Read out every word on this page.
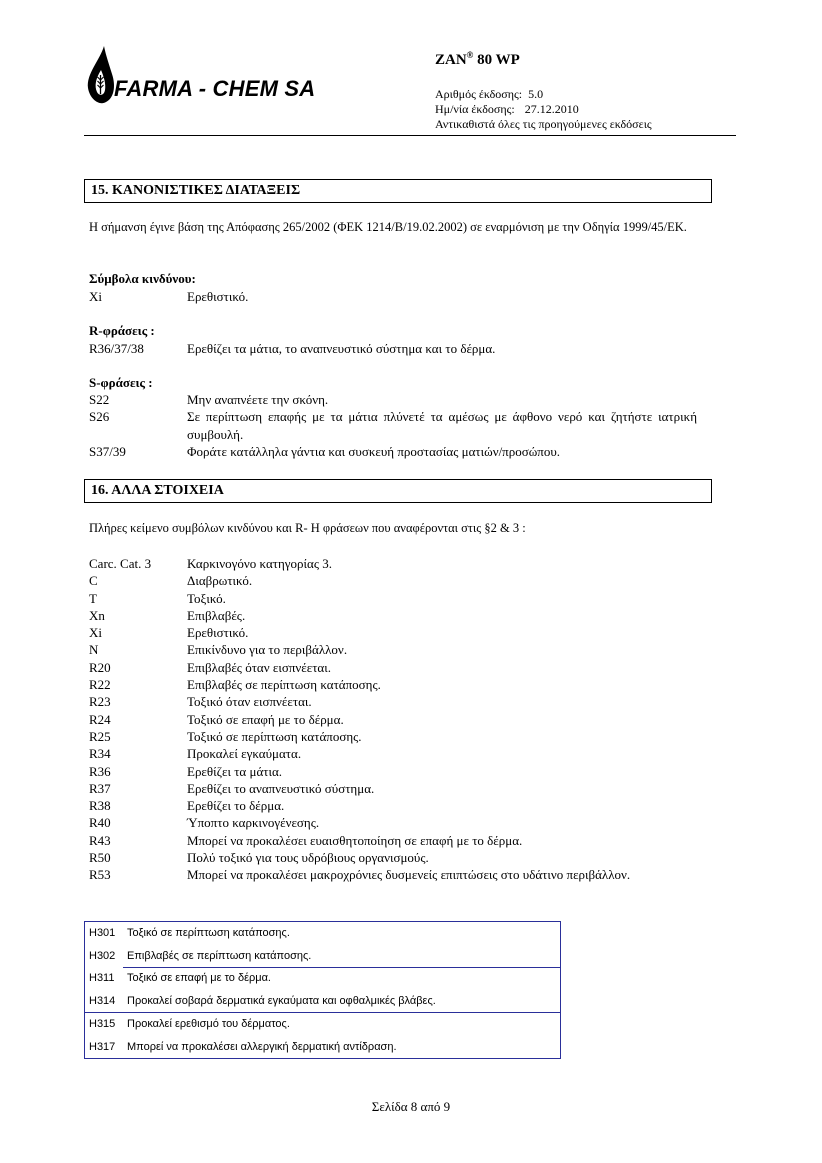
FARMA - CHEM SA
ZAN® 80 WP
Αριθμός έκδοσης: 5.0
Ημ/νία έκδοσης: 27.12.2010
Αντικαθιστά όλες τις προηγούμενες εκδόσεις
15. ΚΑΝΟΝΙΣΤΙΚΕΣ ΔΙΑΤΑΞΕΙΣ
Η σήμανση έγινε βάση της Απόφασης 265/2002 (ΦΕΚ 1214/Β/19.02.2002) σε εναρμόνιση με την Οδηγία 1999/45/ΕΚ.
Σύμβολα κινδύνου:
Xi	Ερεθιστικό.
R-φράσεις :
R36/37/38	Ερεθίζει τα μάτια, το αναπνευστικό σύστημα και το δέρμα.
S-φράσεις :
S22	Μην αναπνέετε την σκόνη.
S26	Σε περίπτωση επαφής με τα μάτια πλύνετέ τα αμέσως με άφθονο νερό και ζητήστε ιατρική συμβουλή.
S37/39	Φοράτε κατάλληλα γάντια και συσκευή προστασίας ματιών/προσώπου.
16. ΑΛΛΑ ΣΤΟΙΧΕΙΑ
Πλήρες κείμενο συμβόλων κινδύνου και R- Η φράσεων που αναφέρονται στις §2 & 3 :
Carc. Cat. 3	Καρκινογόνο κατηγορίας 3.
C	Διαβρωτικό.
T	Τοξικό.
Xn	Επιβλαβές.
Xi	Ερεθιστικό.
N	Επικίνδυνο για το περιβάλλον.
R20	Επιβλαβές όταν εισπνέεται.
R22	Επιβλαβές σε περίπτωση κατάποσης.
R23	Τοξικό όταν εισπνέεται.
R24	Τοξικό σε επαφή με το δέρμα.
R25	Τοξικό σε περίπτωση κατάποσης.
R34	Προκαλεί εγκαύματα.
R36	Ερεθίζει τα μάτια.
R37	Ερεθίζει το αναπνευστικό σύστημα.
R38	Ερεθίζει το δέρμα.
R40	Ύποπτο καρκινογένεσης.
R43	Μπορεί να προκαλέσει ευαισθητοποίηση σε επαφή με το δέρμα.
R50	Πολύ τοξικό για τους υδρόβιους οργανισμούς.
R53	Μπορεί να προκαλέσει μακροχρόνιες δυσμενείς επιπτώσεις στο υδάτινο περιβάλλον.
H301 Τοξικό σε περίπτωση κατάποσης.
H302 Επιβλαβές σε περίπτωση κατάποσης.
H311 Τοξικό σε επαφή με το δέρμα.
H314 Προκαλεί σοβαρά δερματικά εγκαύματα και οφθαλμικές βλάβες.
H315 Προκαλεί ερεθισμό του δέρματος.
H317 Μπορεί να προκαλέσει αλλεργική δερματική αντίδραση.
Σελίδα 8 από 9
